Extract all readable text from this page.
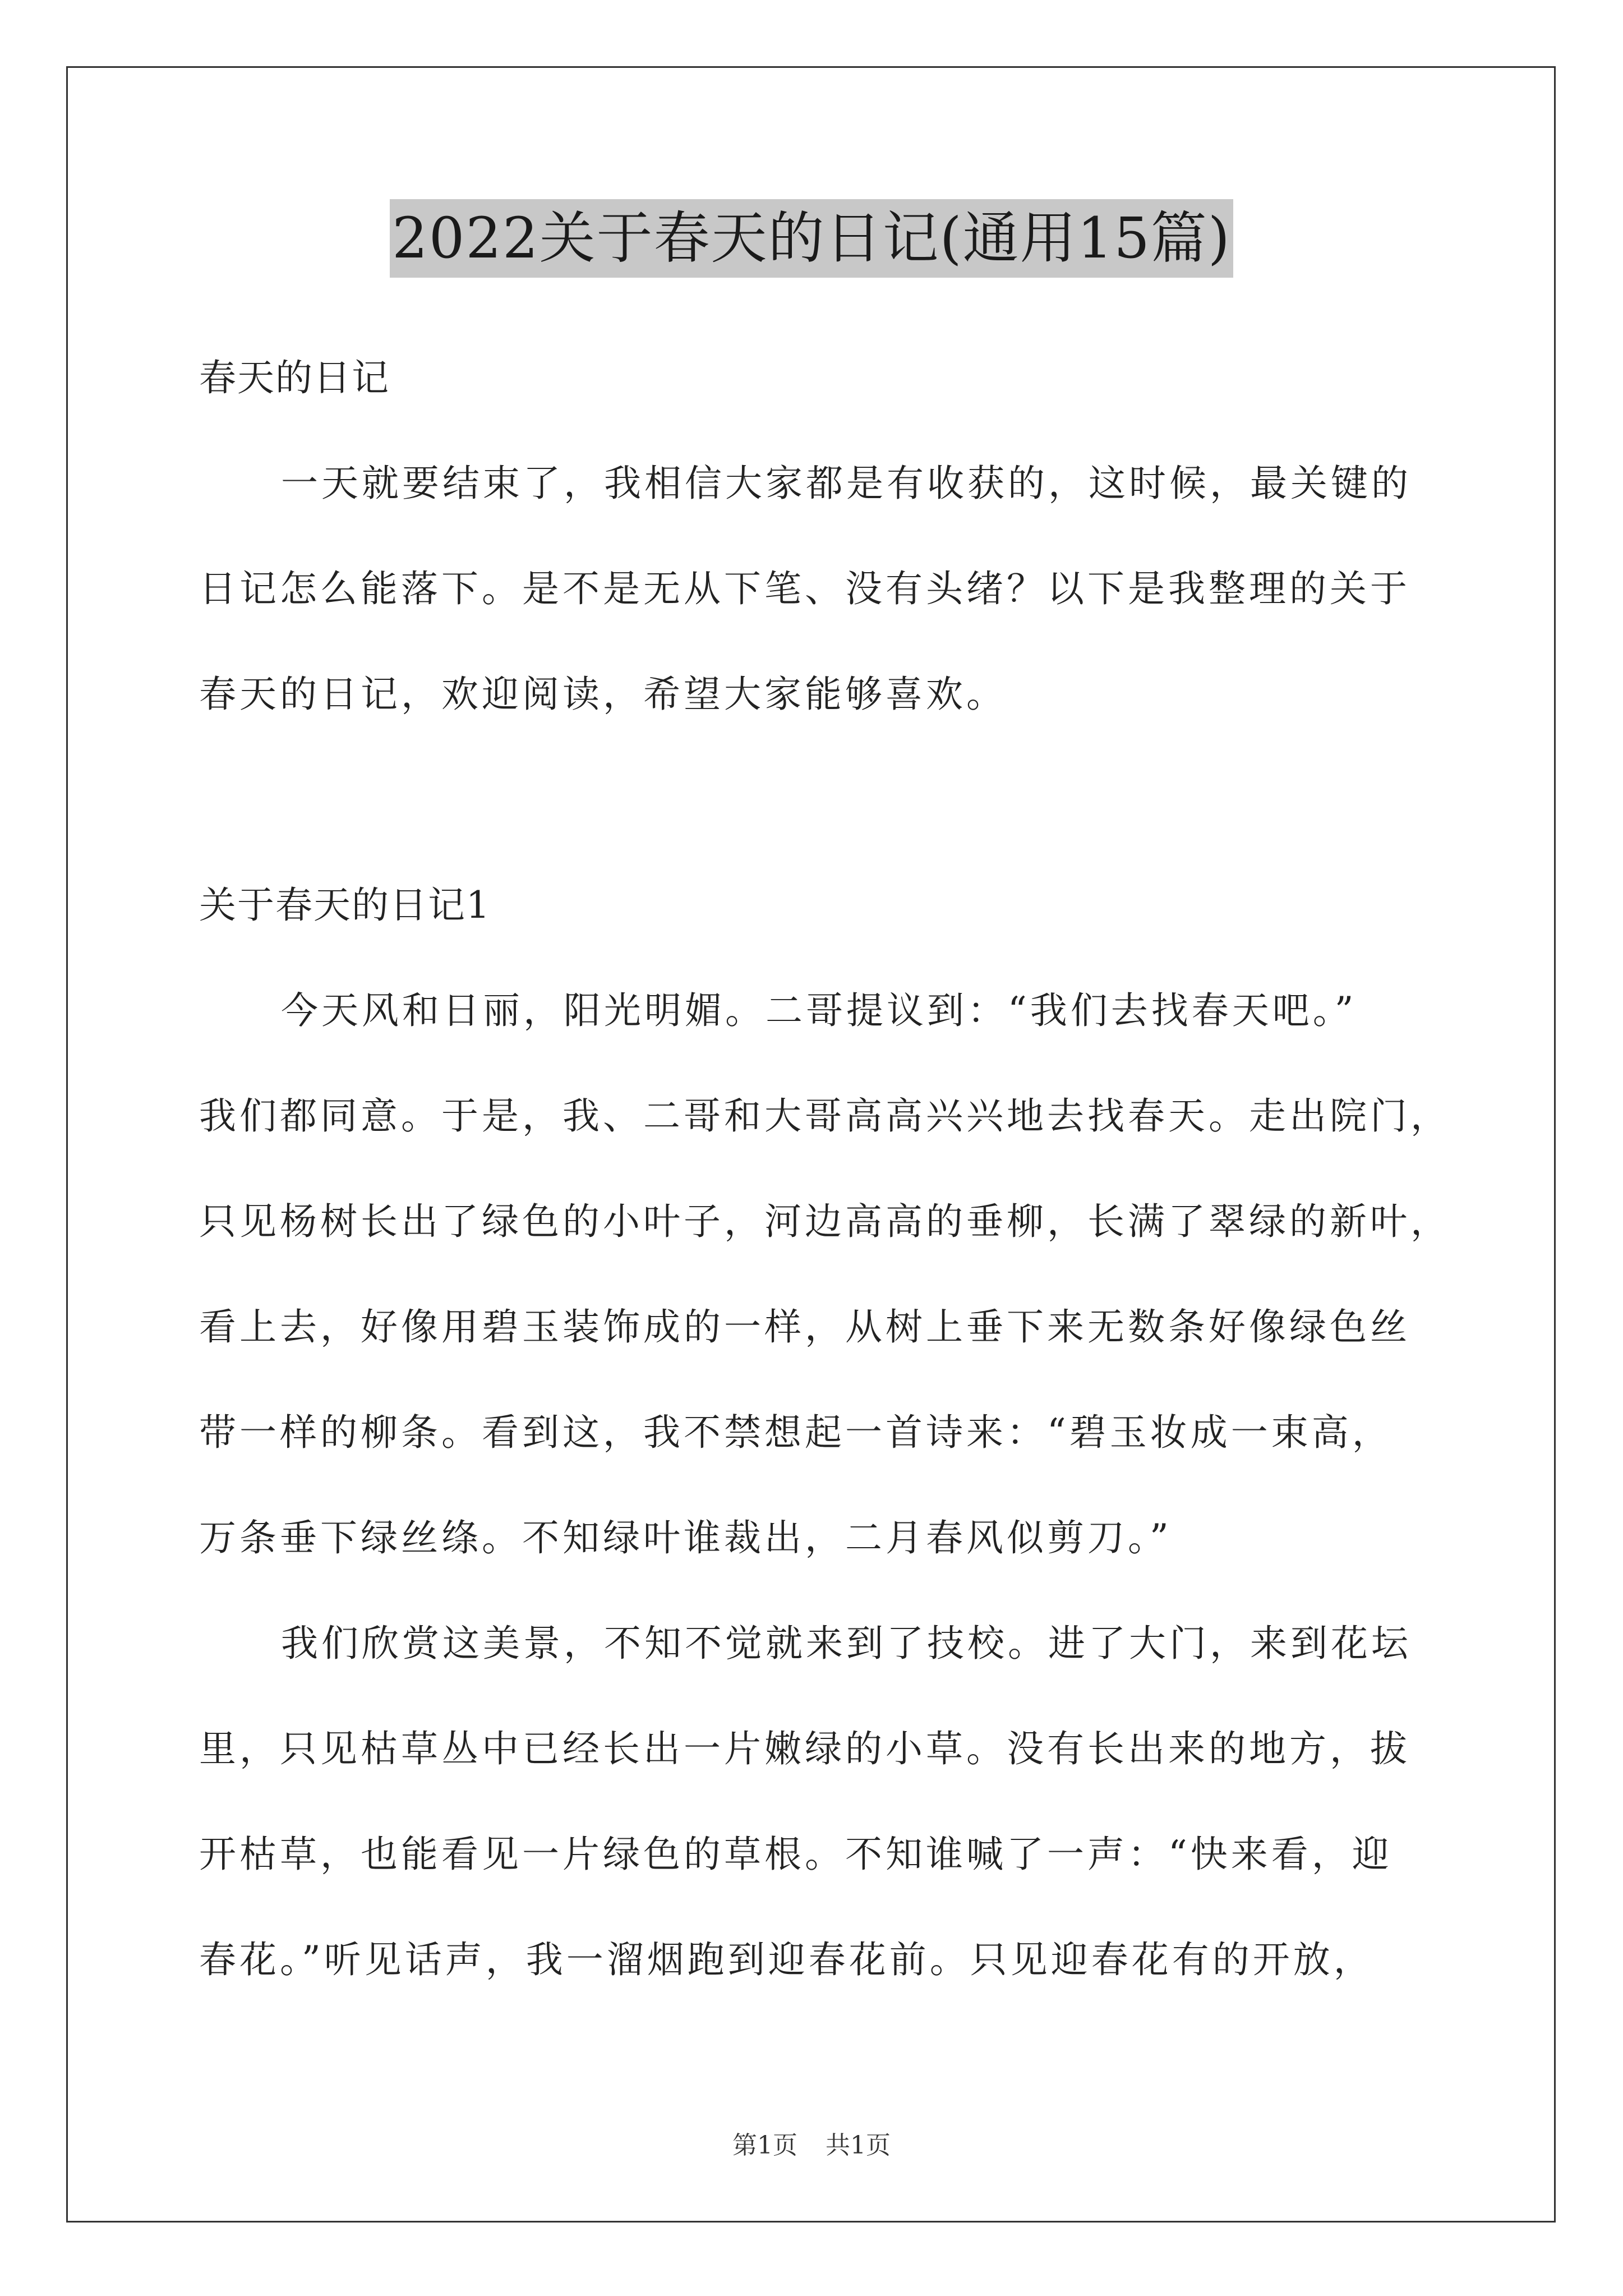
2022关于春天的日记(通用15篇)
春天的日记
一天就要结束了，我相信大家都是有收获的，这时候，最关键的
日记怎么能落下。是不是无从下笔、没有头绪？以下是我整理的关于
春天的日记，欢迎阅读，希望大家能够喜欢。
关于春天的日记1
今天风和日丽，阳光明媚。二哥提议到：“我们去找春天吧。”
我们都同意。于是，我、二哥和大哥高高兴兴地去找春天。走出院门，
只见杨树长出了绿色的小叶子，河边高高的垂柳，长满了翠绿的新叶，
看上去，好像用碧玉装饰成的一样，从树上垂下来无数条好像绿色丝
带一样的柳条。看到这，我不禁想起一首诗来：“碧玉妆成一束高，
万条垂下绿丝绦。不知绿叶谁裁出，二月春风似剪刀。”
我们欣赏这美景，不知不觉就来到了技校。进了大门，来到花坛
里，只见枯草丛中已经长出一片嫩绿的小草。没有长出来的地方，拔
开枯草，也能看见一片绿色的草根。不知谁喊了一声：“快来看，迎
春花。”听见话声，我一溜烟跑到迎春花前。只见迎春花有的开放，
第1页 共1页
